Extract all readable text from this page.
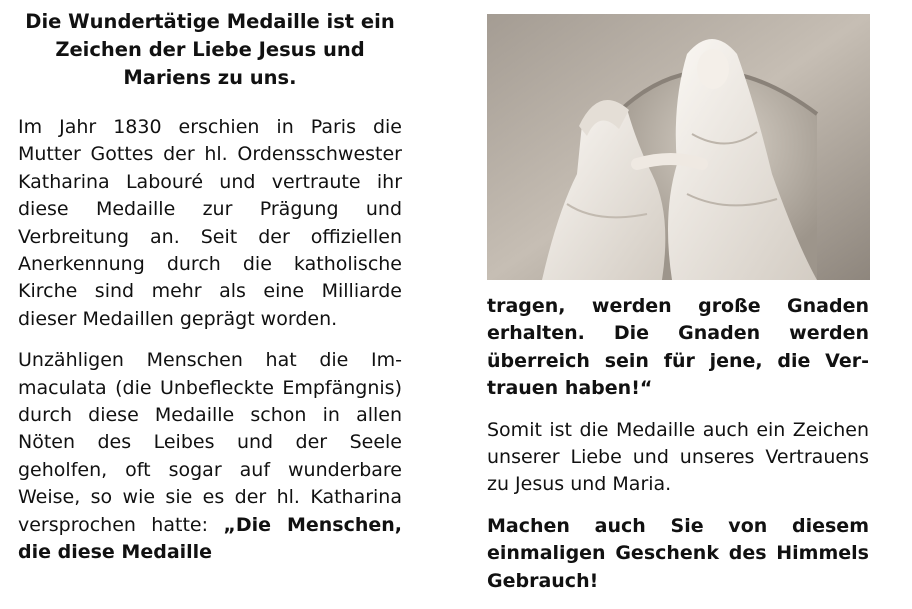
Die Wundertätige Medaille ist ein Zeichen der Liebe Jesus und Mariens zu uns.

Im Jahr 1830 erschien in Paris die Mutter Gottes der hl. Ordensschwester Katharina Labouré und vertraute ihr diese Medaille zur Prägung und Verbreitung an. Seit der offiziellen Anerkennung durch die katholische Kirche sind mehr als eine Milliarde dieser Medaillen geprägt worden.

Unzähligen Menschen hat die Immaculata (die Unbefleckte Empfängnis) durch diese Medaille schon in allen Nöten des Leibes und der Seele geholfen, oft sogar auf wunderbare Weise, so wie sie es der hl. Katharina versprochen hatte: „Die Menschen, die diese Medaille

tragen, werden große Gnaden erhalten. Die Gnaden werden überreich sein für jene, die Vertrauen haben!“

Somit ist die Medaille auch ein Zeichen unserer Liebe und unseres Vertrauens zu Jesus und Maria.

Machen auch Sie von diesem einmaligen Geschenk des Himmels Gebrauch!
